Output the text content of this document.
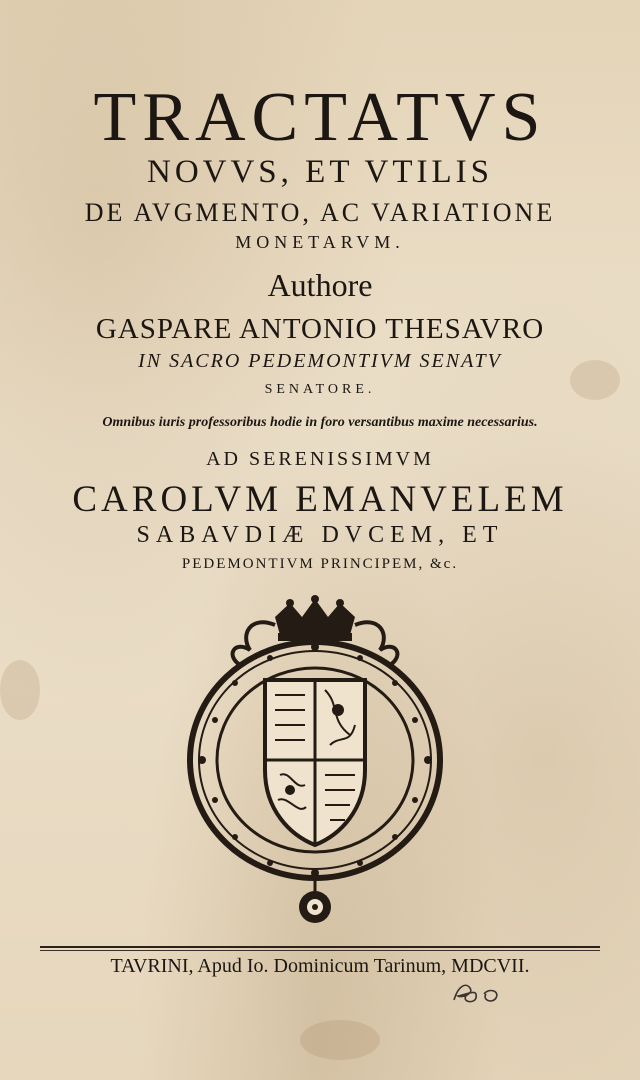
TRACTATVS
NOVVS, ET VTILIS
DE AVGMENTO, AC VARIATIONE
MONETARVM.
Authore
GASPARE ANTONIO THESAVRO
IN SACRO PEDEMONTIVM SENATV
SENATORE.
Omnibus iuris professoribus hodie in foro versantibus maxime necessarius.
AD SERENISSIMVM
CAROLVM EMANVELEM
SABAVDIÆ DVCEM, ET
PEDEMONTIVM PRINCIPEM, &c.
TAVRINI, Apud Io. Dominicum Tarinum, MDCVII.
